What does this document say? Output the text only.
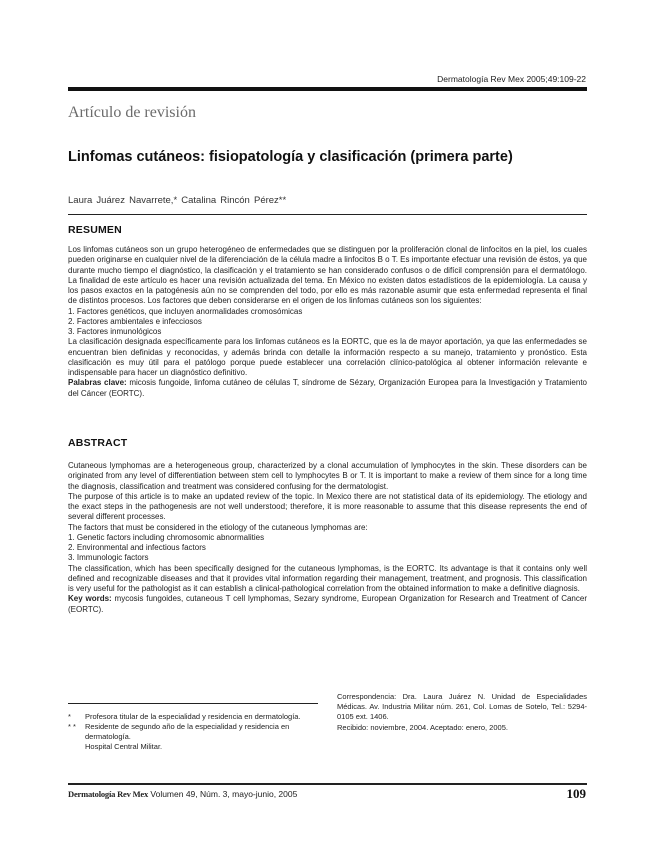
Dermatología Rev Mex 2005;49:109-22
Artículo de revisión
Linfomas cutáneos: fisiopatología y clasificación (primera parte)
Laura Juárez Navarrete,* Catalina Rincón Pérez**
RESUMEN

Los linfomas cutáneos son un grupo heterogéneo de enfermedades que se distinguen por la proliferación clonal de linfocitos en la piel, los cuales pueden originarse en cualquier nivel de la diferenciación de la célula madre a linfocitos B o T. Es importante efectuar una revisión de éstos, ya que durante mucho tiempo el diagnóstico, la clasificación y el tratamiento se han considerado confusos o de difícil comprensión para el dermatólogo. La finalidad de este artículo es hacer una revisión actualizada del tema. En México no existen datos estadísticos de la epidemiología. La causa y los pasos exactos en la patogénesis aún no se comprenden del todo, por ello es más razonable asumir que esta enfermedad representa el final de distintos procesos. Los factores que deben considerarse en el origen de los linfomas cutáneos son los siguientes:

1. Factores genéticos, que incluyen anormalidades cromosómicas

2. Factores ambientales e infecciosos

3. Factores inmunológicos

La clasificación designada específicamente para los linfomas cutáneos es la EORTC, que es la de mayor aportación, ya que las enfermedades se encuentran bien definidas y reconocidas, y además brinda con detalle la información respecto a su manejo, tratamiento y pronóstico. Esta clasificación es muy útil para el patólogo porque puede establecer una correlación clínico-patológica al obtener información relevante e indispensable para hacer un diagnóstico definitivo.

Palabras clave: micosis fungoide, linfoma cutáneo de células T, síndrome de Sézary, Organización Europea para la Investigación y Tratamiento del Cáncer (EORTC).

ABSTRACT

Cutaneous lymphomas are a heterogeneous group, characterized by a clonal accumulation of lymphocytes in the skin. These disorders can be originated from any level of differentiation between stem cell to lymphocytes B or T. It is important to make a review of them since for a long time the diagnosis, classification and treatment was considered confusing for the dermatologist.

The purpose of this article is to make an updated review of the topic. In Mexico there are not statistical data of its epidemiology. The etiology and the exact steps in the pathogenesis are not well understood; therefore, it is more reasonable to assume that this disease represents the end of several different processes.

The factors that must be considered in the etiology of the cutaneous lymphomas are:

1. Genetic factors including chromosomic abnormalities

2. Environmental and infectious factors

3. Immunologic factors

The classification, which has been specifically designed for the cutaneous lymphomas, is the EORTC. Its advantage is that it contains only well defined and recognizable diseases and that it provides vital information regarding their management, treatment, and prognosis. This classification is very useful for the pathologist as it can establish a clinical-pathological correlation from the obtained information to make a definitive diagnosis.

Key words: mycosis fungoides, cutaneous T cell lymphomas, Sezary syndrome, European Organization for Research and Treatment of Cancer (EORTC).

*	Profesora titular de la especialidad y residencia en dermatología.
* *	Residente de segundo año de la especialidad y residencia en dermatología.
Hospital Central Militar.

Correspondencia: Dra. Laura Juárez N. Unidad de Especialidades Médicas. Av. Industria Militar núm. 261, Col. Lomas de Sotelo, Tel.: 5294-0105 ext. 1406.

Recibido: noviembre, 2004. Aceptado: enero, 2005.

Dermatología Rev Mex Volumen 49, Núm. 3, mayo-junio, 2005	109
